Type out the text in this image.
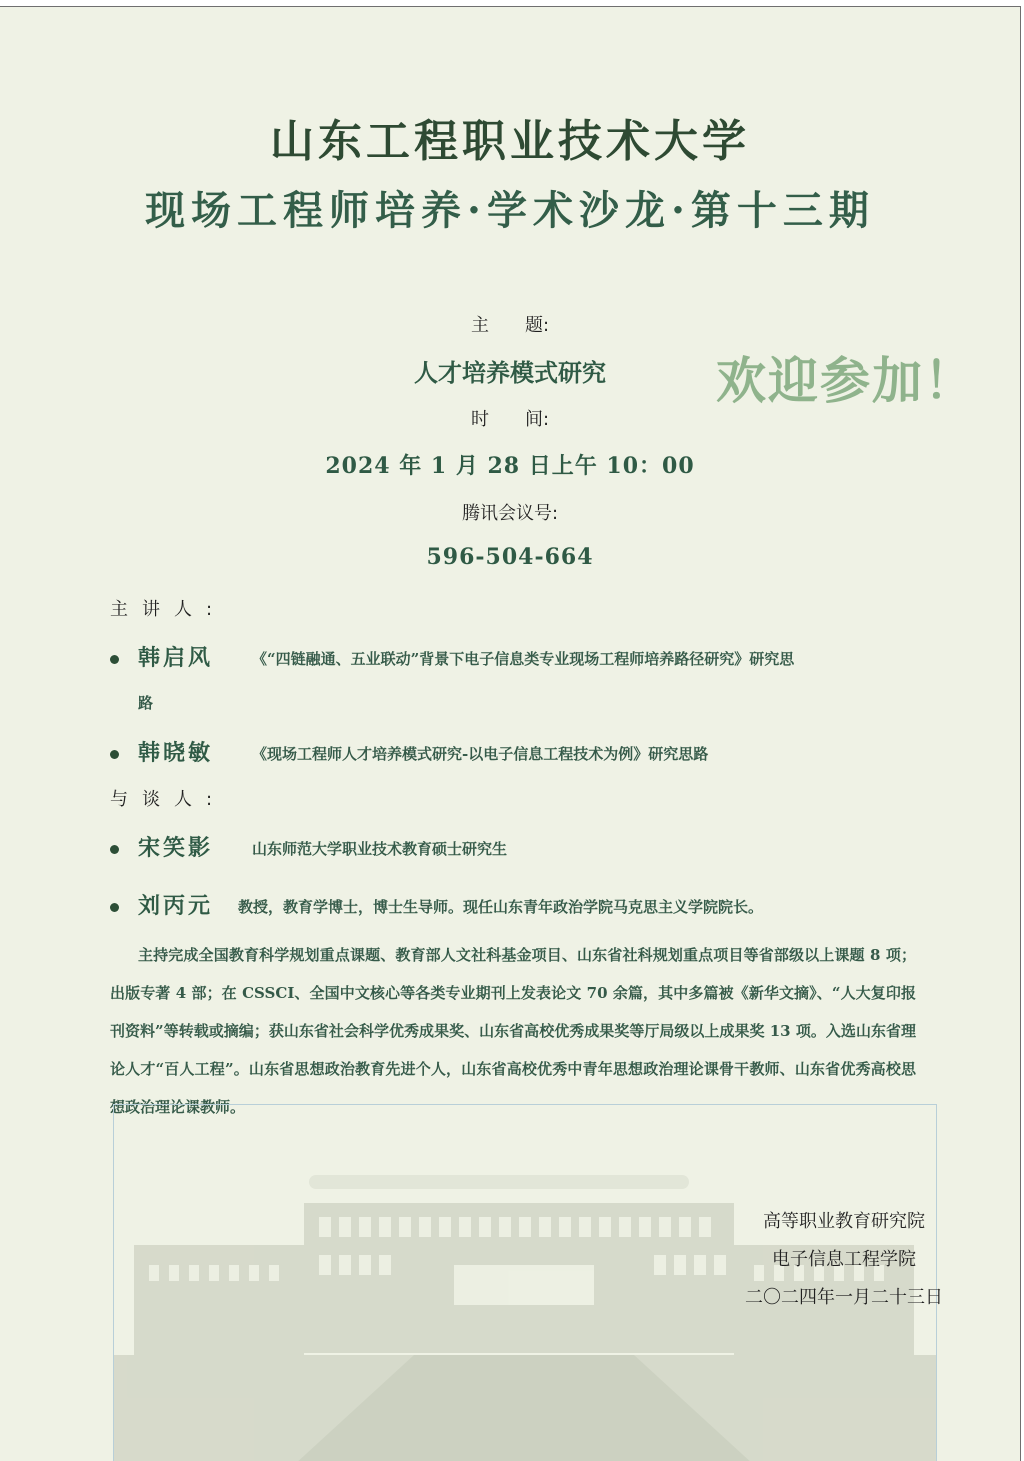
山东工程职业技术大学
现场工程师培养·学术沙龙·第十三期
主　　题:
人才培养模式研究
时　　间:
2024 年 1 月 28 日上午 10：00
腾讯会议号:
596-504-664
欢迎参加！
主讲人:
韩启风	《“四链融通、五业联动”背景下电子信息类专业现场工程师培养路径研究》研究思
路
韩晓敏	《现场工程师人才培养模式研究-以电子信息工程技术为例》研究思路
与谈人:
宋笑影	山东师范大学职业技术教育硕士研究生
刘丙元 教授，教育学博士，博士生导师。现任山东青年政治学院马克思主义学院院长。
主持完成全国教育科学规划重点课题、教育部人文社科基金项目、山东省社科规划重点项目等省部级以上课题 8 项；出版专著 4 部；在 CSSCI、全国中文核心等各类专业期刊上发表论文 70 余篇，其中多篇被《新华文摘》、“人大复印报刊资料”等转载或摘编；获山东省社会科学优秀成果奖、山东省高校优秀成果奖等厅局级以上成果奖 13 项。入选山东省理论人才“百人工程”。山东省思想政治教育先进个人，山东省高校优秀中青年思想政治理论课骨干教师、山东省优秀高校思想政治理论课教师。
高等职业教育研究院
电子信息工程学院
二〇二四年一月二十三日
